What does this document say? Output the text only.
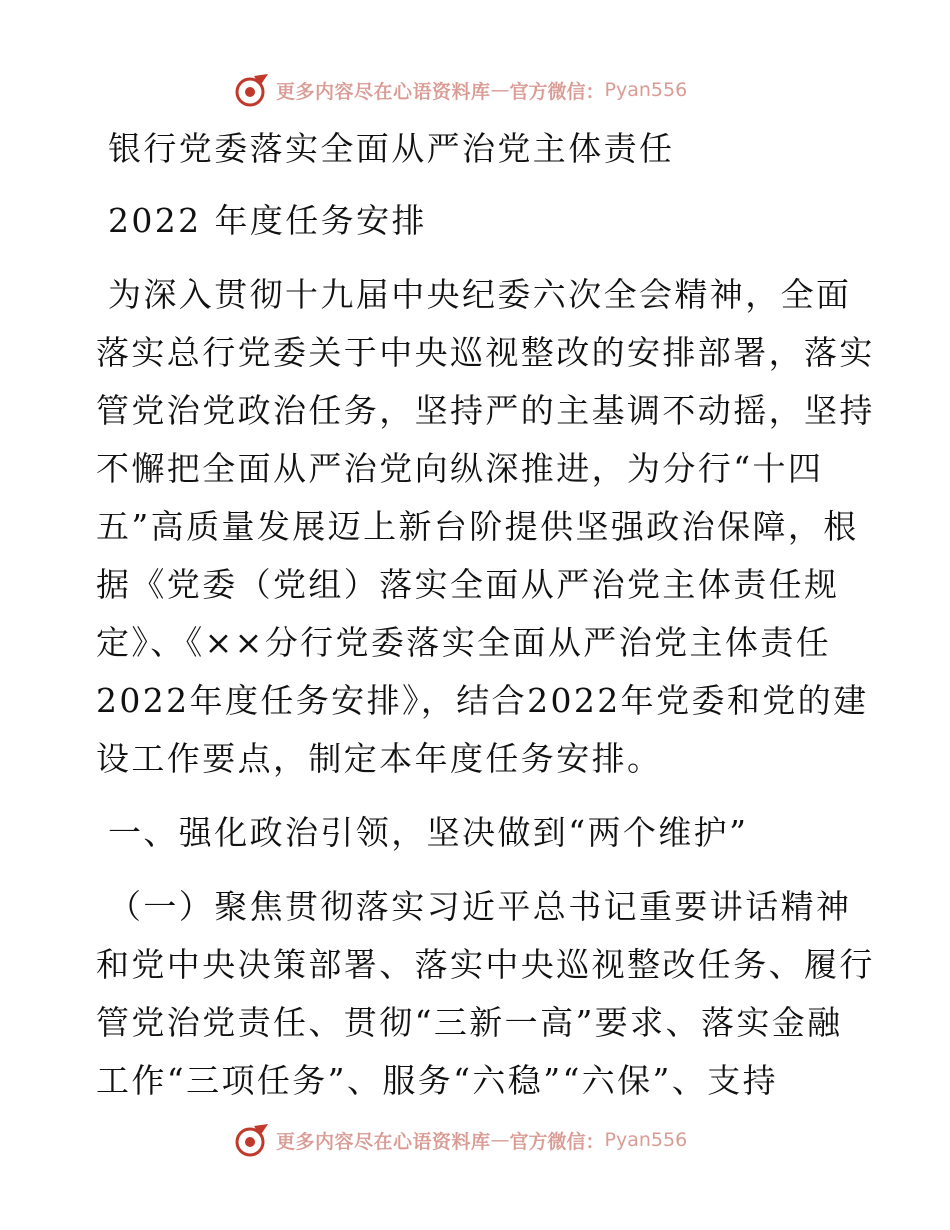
更多内容尽在心语资料库 — 官方微信： Pyan556
银行党委落实全面从严治党主体责任
2022 年度任务安排
为深入贯彻十九届中央纪委六次全会精神，全面
落实总行党委关于中央巡视整改的安排部署，落实
管党治党政治任务，坚持严的主基调不动摇，坚持
不懈把全面从严治党向纵深推进，为分行“十四
五”高质量发展迈上新台阶提供坚强政治保障，根
据《党委（党组）落实全面从严治党主体责任规
定》、《××分行党委落实全面从严治党主体责任
2022年度任务安排》，结合2022年党委和党的建
设工作要点，制定本年度任务安排。
一、强化政治引领，坚决做到“两个维护”
（一）聚焦贯彻落实习近平总书记重要讲话精神
和党中央决策部署、落实中央巡视整改任务、履行
管党治党责任、贯彻“三新一高”要求、落实金融
工作“三项任务”、服务“六稳”“六保”、支持
更多内容尽在心语资料库 — 官方微信： Pyan556
